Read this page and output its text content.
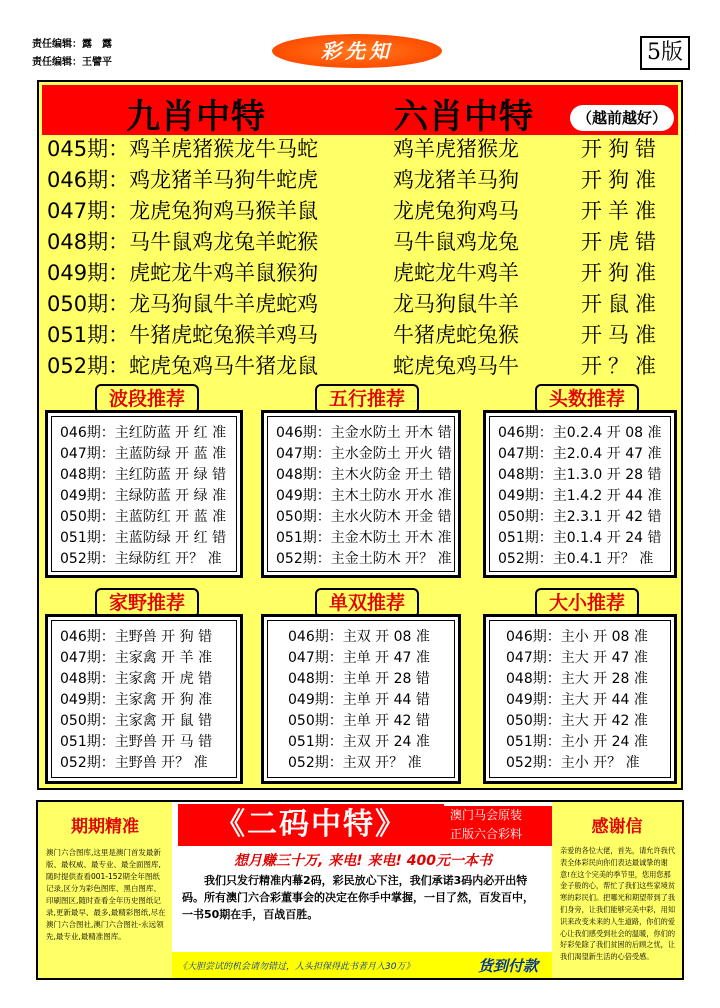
责任编辑：露　露
责任编辑：王譬平	彩先知	5版
九肖中特	六肖中特	（越前越好）
045期：鸡羊虎猪猴龙牛马蛇	鸡羊虎猪猴龙	开狗错
046期：鸡龙猪羊马狗牛蛇虎	鸡龙猪羊马狗	开狗准
047期：龙虎兔狗鸡马猴羊鼠	龙虎兔狗鸡马	开羊准
048期：马牛鼠鸡龙兔羊蛇猴	马牛鼠鸡龙兔	开虎错
049期：虎蛇龙牛鸡羊鼠猴狗	虎蛇龙牛鸡羊	开狗准
050期：龙马狗鼠牛羊虎蛇鸡	龙马狗鼠牛羊	开鼠准
051期：牛猪虎蛇兔猴羊鸡马	牛猪虎蛇兔猴	开马准
052期：蛇虎兔鸡马牛猪龙鼠	蛇虎兔鸡马牛	开？准
波段推荐	五行推荐	头数推荐
046期：主红防蓝 开 红 准
047期：主蓝防绿 开 蓝 准
048期：主红防蓝 开 绿 错
049期：主绿防蓝 开 绿 准
050期：主蓝防红 开 蓝 准
051期：主蓝防绿 开 红 错
052期：主绿防红 开？ 准
046期：主金水防土 开木 错
047期：主水金防土 开火 错
048期：主木火防金 开土 错
049期：主木土防水 开水 准
050期：主水火防木 开金 错
051期：主金木防土 开木 准
052期：主金土防木 开？ 准
046期：主0.2.4 开 08 准
047期：主2.0.4 开 47 准
048期：主1.3.0 开 28 错
049期：主1.4.2 开 44 准
050期：主2.3.1 开 42 错
051期：主0.1.4 开 24 错
052期：主0.4.1 开？ 准
家野推荐	单双推荐	大小推荐
046期：主野兽 开 狗 错
047期：主家禽 开 羊 准
048期：主家禽 开 虎 错
049期：主家禽 开 狗 准
050期：主家禽 开 鼠 错
051期：主野兽 开 马 错
052期：主野兽 开？ 准
046期：主双 开 08 准
047期：主单 开 47 准
048期：主单 开 28 错
049期：主单 开 44 错
050期：主单 开 42 错
051期：主双 开 24 准
052期：主双 开？ 准
046期：主小 开 08 准
047期：主大 开 47 准
048期：主大 开 28 准
049期：主大 开 44 准
050期：主大 开 42 准
051期：主小 开 24 准
052期：主小 开？ 准
期期精准
澳门六合图库,这里是澳门首发最新版、最权威、最专业、最全面图库,随时提供查看001-152期全年图纸记录,区分为彩色图库、黑白图库、印刷图区,随时查看全年历史图纸记录,更新最早、最多,最精彩图纸,尽在澳门六合图社,澳门六合图社-永远领先,最专业,最精准图库。
《二码中特》	澳门马会原装
正版六合彩料
想月赚三十万, 来电! 来电! 400元一本书
我们只发行精准内幕2码，彩民放心下注，我们承诺3码内必开出特码。所有澳门六合彩董事会的决定在你手中掌握，一目了然，百发百中，一书50期在手，百战百胜。
《大胆尝试的机会请勿错过，人头担保得此书者月入30万》	货到付款
感谢信
亲爱的各位大佬，首先，请允许我代表全体彩民向你们表达最诚挚的谢意!在这个完美的季节里，您用您那金子般的心，帮忙了我们这些家境贫寒的彩民们。把哪光和期望带到了我们身旁，让我们能够完美中彩，用知识来改变未来的人生道路，你们的爱心让我们感受到社会的温暖，你们的好彩免除了我们贫困的后顾之忧，让我们渴望新生活的心倍受感。
